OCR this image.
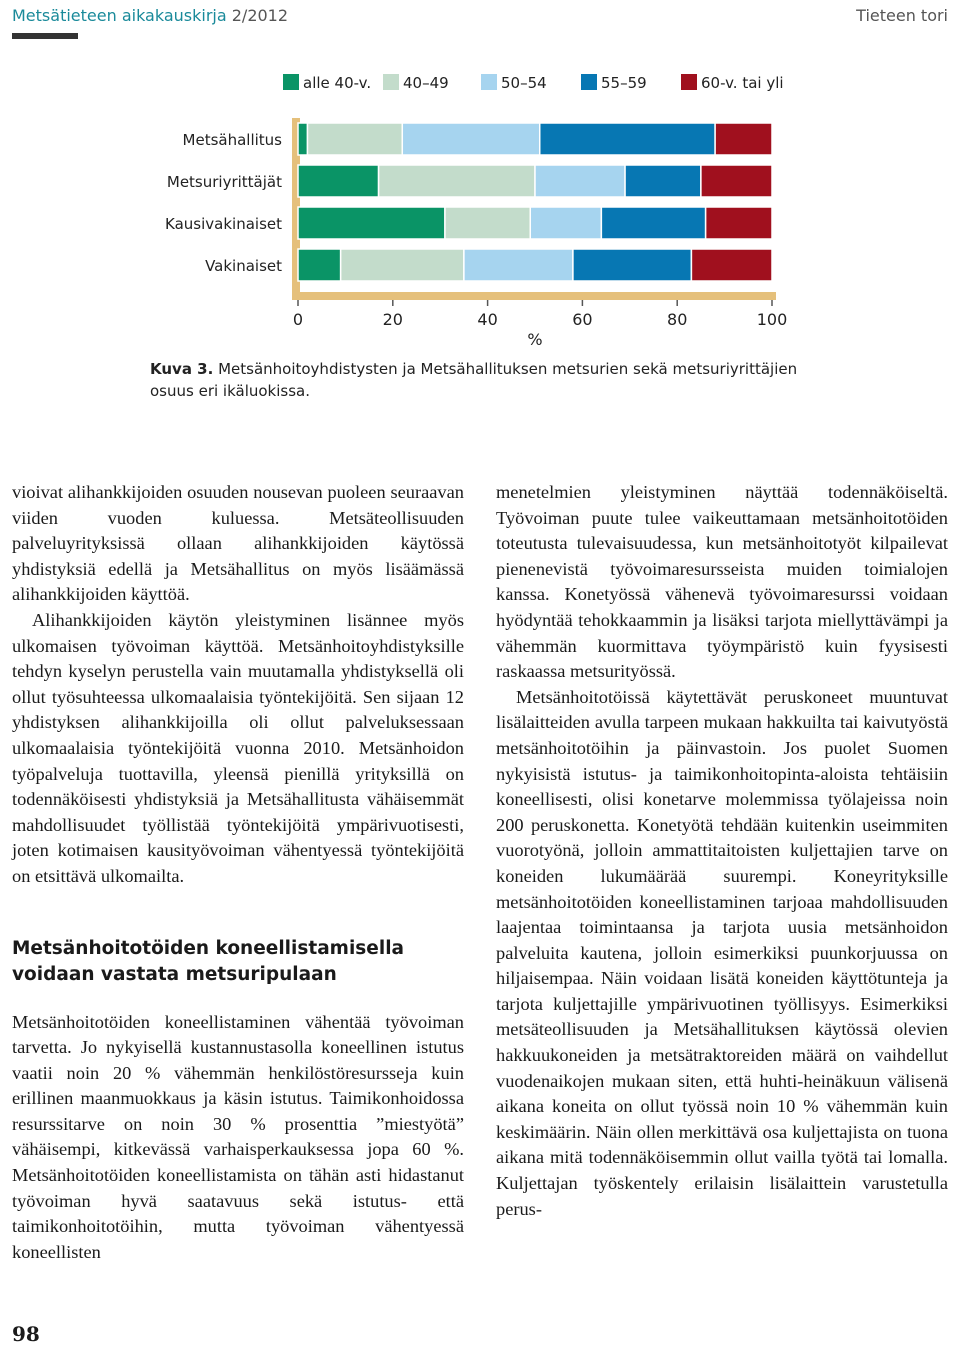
Metsätieteen aikakauskirja 2/2012	Tieteen tori
alle 40-v.	40–49	50–54	55–59	60-v. tai yli
0	20	40	60	80	100
%
Metsähallitus
Metsuriyrittäjät
Kausivakinaiset
Vakinaiset
Kuva 3. Metsänhoitoyhdistysten ja Metsähallituksen metsurien sekä metsuriyrittäjien osuus eri ikäluokissa.

vioivat alihankkijoiden osuuden nousevan puoleen seuraavan viiden vuoden kuluessa. Metsäteollisuuden palveluyrityksissä ollaan alihankkijoiden käytössä yhdistyksiä edellä ja Metsähallitus on myös lisäämässä alihankkijoiden käyttöä.

Alihankkijoiden käytön yleistyminen lisännee myös ulkomaisen työvoiman käyttöä. Metsänhoitoyhdistyksille tehdyn kyselyn perustella vain muutamalla yhdistyksellä oli ollut työsuhteessa ulkomaalaisia työntekijöitä. Sen sijaan 12 yhdistyksen alihankkijoilla oli ollut palveluksessaan ulkomaalaisia työntekijöitä vuonna 2010. Metsänhoidon työpalveluja tuottavilla, yleensä pienillä yrityksillä on todennäköisesti yhdistyksiä ja Metsähallitusta vähäisemmät mahdollisuudet työllistää työntekijöitä ympärivuotisesti, joten kotimaisen kausityövoiman vähentyessä työntekijöitä on etsittävä ulkomailta.

Metsänhoitotöiden koneellistamisella
voidaan vastata metsuripulaan

Metsänhoitotöiden koneellistaminen vähentää työvoiman tarvetta. Jo nykyisellä kustannustasolla koneellinen istutus vaatii noin 20 % vähemmän henkilöstöresursseja kuin erillinen maanmuokkaus ja käsin istutus. Taimikonhoidossa resurssitarve on noin 30 % prosenttia ”miestyötä” vähäisempi, kitkevässä varhaisperkauksessa jopa 60 %. Metsänhoitotöiden koneellistamista on tähän asti hidastanut työvoiman hyvä saatavuus sekä istutus- että taimikonhoitotöihin, mutta työvoiman vähentyessä koneellisten

menetelmien yleistyminen näyttää todennäköiseltä. Työvoiman puute tulee vaikeuttamaan metsänhoitotöiden toteutusta tulevaisuudessa, kun metsänhoitotyöt kilpailevat pienenevistä työvoimaresursseista muiden toimialojen kanssa. Konetyössä vähenevä työvoimaresurssi voidaan hyödyntää tehokkaammin ja lisäksi tarjota miellyttävämpi ja vähemmän kuormittava työympäristö kuin fyysisesti raskaassa metsurityössä.

Metsänhoitotöissä käytettävät peruskoneet muuntuvat lisälaitteiden avulla tarpeen mukaan hakkuilta tai kaivutyöstä metsänhoitotöihin ja päinvastoin. Jos puolet Suomen nykyisistä istutus- ja taimikonhoitopinta-aloista tehtäisiin koneellisesti, olisi konetarve molemmissa työlajeissa noin 200 peruskonetta. Konetyötä tehdään kuitenkin useimmiten vuorotyönä, jolloin ammattitaitoisten kuljettajien tarve on koneiden lukumäärää suurempi. Koneyrityksille metsänhoitotöiden koneellistaminen tarjoaa mahdollisuuden laajentaa toimintaansa ja tarjota uusia metsänhoidon palveluita kautena, jolloin esimerkiksi puunkorjuussa on hiljaisempaa. Näin voidaan lisätä koneiden käyttötunteja ja tarjota kuljettajille ympärivuotinen työllisyys. Esimerkiksi metsäteollisuuden ja Metsähallituksen käytössä olevien hakkuukoneiden ja metsätraktoreiden määrä on vaihdellut vuodenaikojen mukaan siten, että huhti-heinäkuun välisenä aikana koneita on ollut työssä noin 10 % vähemmän kuin keskimäärin. Näin ollen merkittävä osa kuljettajista on tuona aikana mitä todennäköisemmin ollut vailla työtä tai lomalla. Kuljettajan työskentely erilaisin lisälaittein varustetulla perus-

98
